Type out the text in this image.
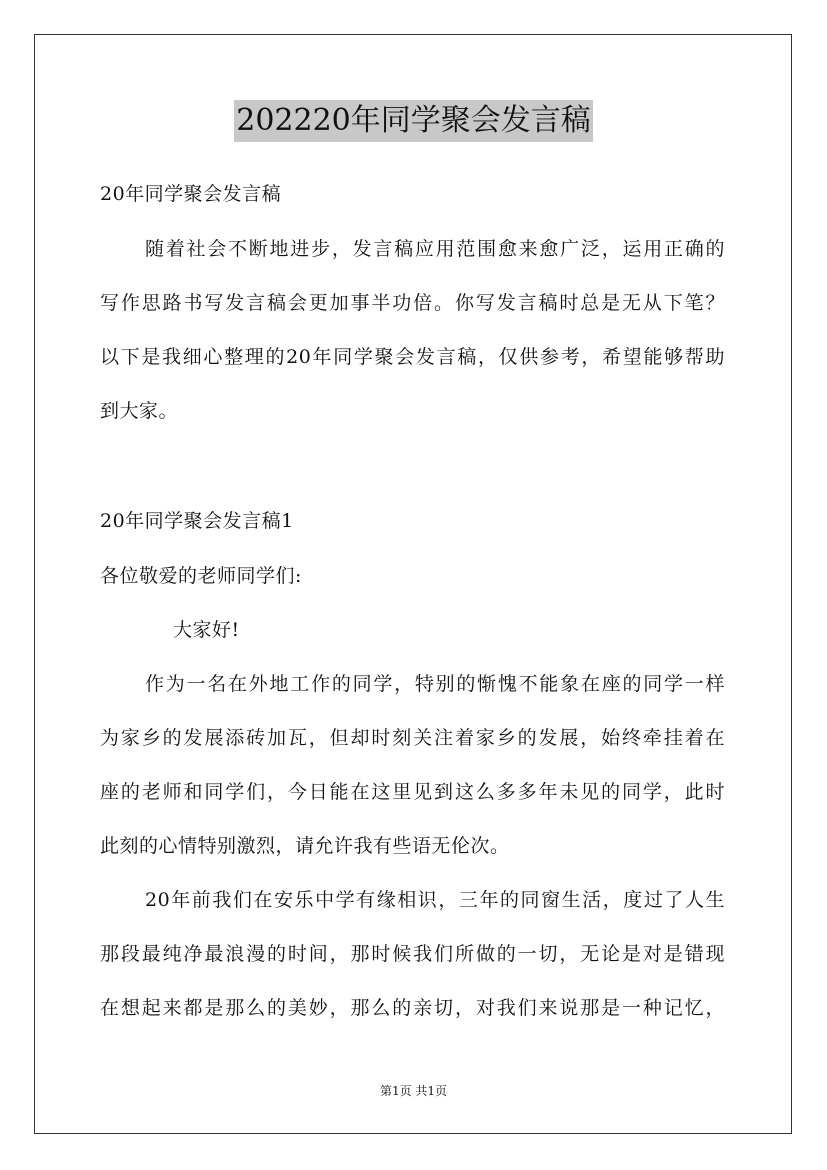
202220年同学聚会发言稿
20年同学聚会发言稿
随着社会不断地进步，发言稿应用范围愈来愈广泛，运用正确的
写作思路书写发言稿会更加事半功倍。你写发言稿时总是无从下笔？
以下是我细心整理的20年同学聚会发言稿，仅供参考，希望能够帮助
到大家。
20年同学聚会发言稿1
各位敬爱的老师同学们:
大家好!
作为一名在外地工作的同学，特别的惭愧不能象在座的同学一样
为家乡的发展添砖加瓦，但却时刻关注着家乡的发展，始终牵挂着在
座的老师和同学们，今日能在这里见到这么多多年未见的同学，此时
此刻的心情特别激烈，请允许我有些语无伦次。
20年前我们在安乐中学有缘相识，三年的同窗生活，度过了人生
那段最纯净最浪漫的时间，那时候我们所做的一切，无论是对是错现
在想起来都是那么的美妙，那么的亲切，对我们来说那是一种记忆，
第1页 共1页
